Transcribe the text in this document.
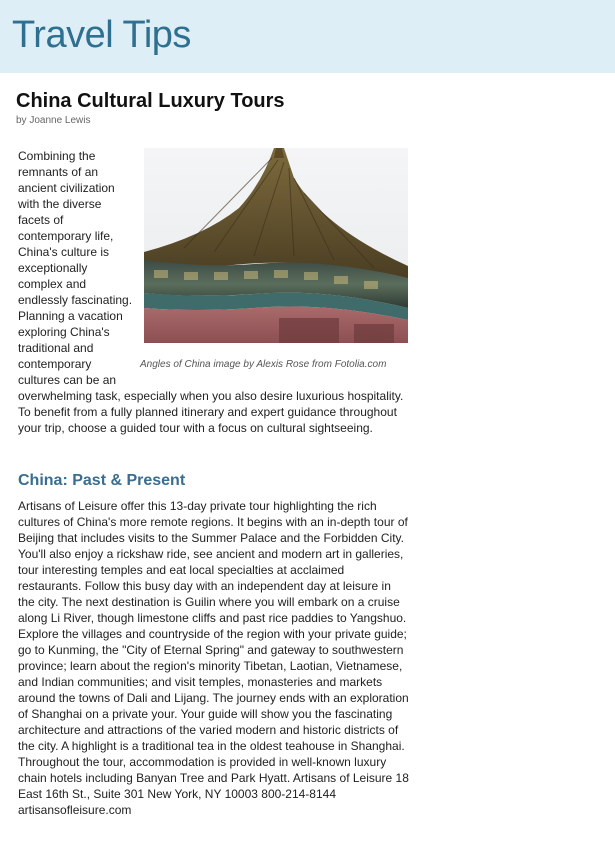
Travel Tips
China Cultural Luxury Tours
by Joanne Lewis
Angles of China image by Alexis Rose from Fotolia.com
Combining the remnants of an ancient civilization with the diverse facets of contemporary life, China's culture is exceptionally complex and endlessly fascinating. Planning a vacation exploring China's traditional and contemporary cultures can be an overwhelming task, especially when you also desire luxurious hospitality. To benefit from a fully planned itinerary and expert guidance throughout your trip, choose a guided tour with a focus on cultural sightseeing.
China: Past & Present

Artisans of Leisure offer this 13-day private tour highlighting the rich cultures of China's more remote regions. It begins with an in-depth tour of Beijing that includes visits to the Summer Palace and the Forbidden City. You'll also enjoy a rickshaw ride, see ancient and modern art in galleries, tour interesting temples and eat local specialties at acclaimed restaurants. Follow this busy day with an independent day at leisure in the city. The next destination is Guilin where you will embark on a cruise along Li River, though limestone cliffs and past rice paddies to Yangshuo. Explore the villages and countryside of the region with your private guide; go to Kunming, the "City of Eternal Spring" and gateway to southwestern province; learn about the region's minority Tibetan, Laotian, Vietnamese, and Indian communities; and visit temples, monasteries and markets around the towns of Dali and Lijang. The journey ends with an exploration of Shanghai on a private your. Your guide will show you the fascinating architecture and attractions of the varied modern and historic districts of the city. A highlight is a traditional tea in the oldest teahouse in Shanghai. Throughout the tour, accommodation is provided in well-known luxury chain hotels including Banyan Tree and Park Hyatt. Artisans of Leisure 18 East 16th St., Suite 301 New York, NY 10003 800-214-8144 artisansofleisure.com
